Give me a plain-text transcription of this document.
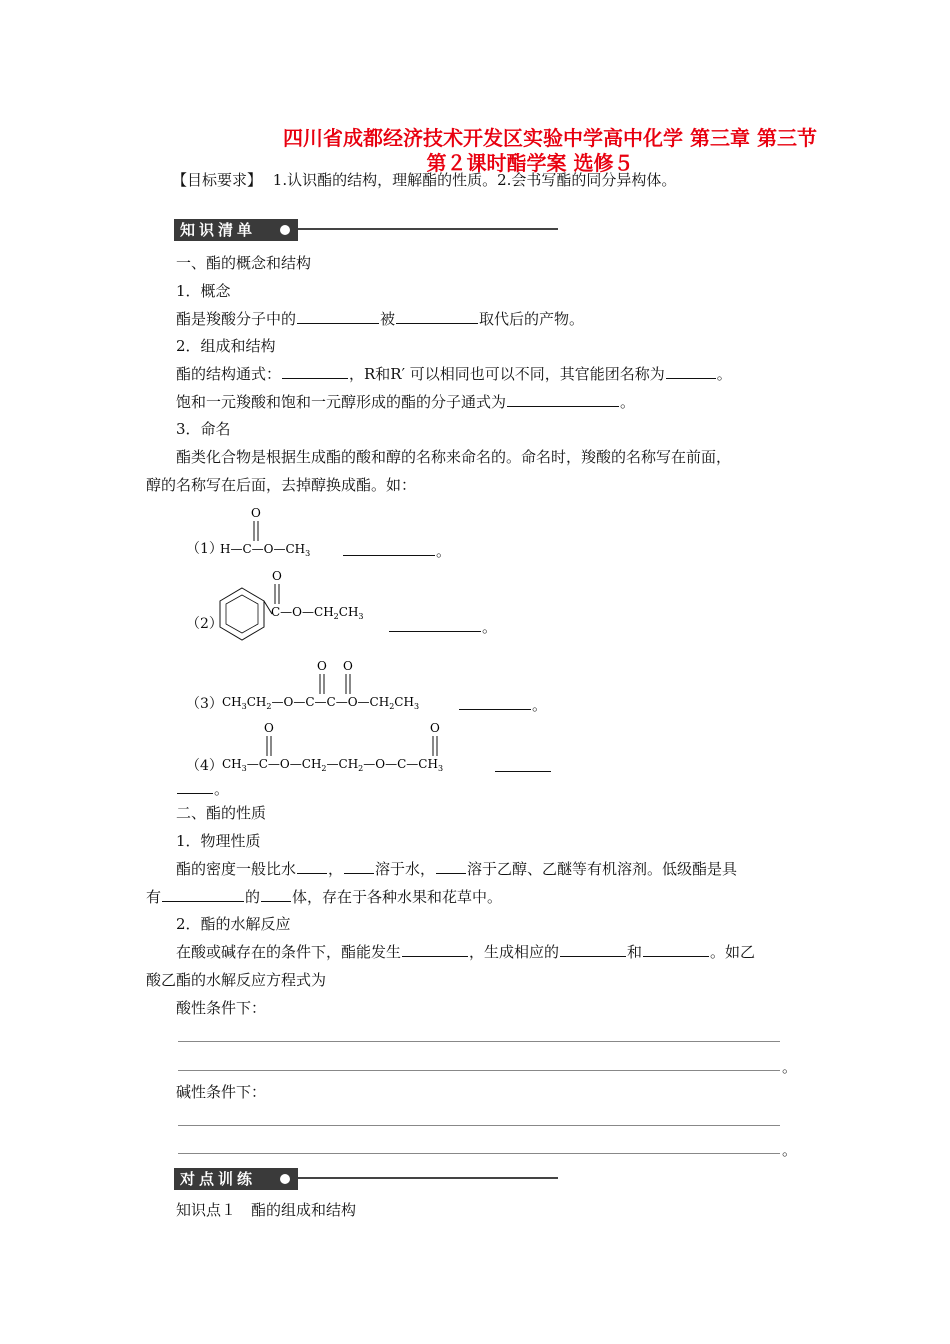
四川省成都经济技术开发区实验中学高中化学 第三章 第三节
第２课时酯学案 选修５
【目标要求】 1.认识酯的结构，理解酯的性质。2.会书写酯的同分异构体。
知识清单
一、酯的概念和结构
1．概念
酯是羧酸分子中的	被	取代后的产物。
2．组成和结构
酯的结构通式：	，R和R′ 可以相同也可以不同，其官能团名称为	。
饱和一元羧酸和饱和一元醇形成的酯的分子通式为	。
3．命名
酯类化合物是根据生成酯的酸和醇的名称来命名的。命名时，羧酸的名称写在前面，
醇的名称写在后面，去掉醇换成酯。如：
（1）
O
$H—C—O—CH_3$	。
（2）
O
$C—O—CH_2CH_3$
。
（3）
O O
$CH_3CH_2—O—C—C—O—CH_2CH_3$	。
（4）
O	O
$CH_3—C—O—CH_2—CH_2—O—C—CH_3$
。
二、酯的性质
1．物理性质
酯的密度一般比水 ， 溶于水， 溶于乙醇、乙醚等有机溶剂。低级酯是具
有	的 体，存在于各种水果和花草中。
2．酯的水解反应
在酸或碱存在的条件下，酯能发生	，生成相应的	和	。如乙
酸乙酯的水解反应方程式为
酸性条件下：
。
碱性条件下：
。
对点训练
知识点１　酯的组成和结构
